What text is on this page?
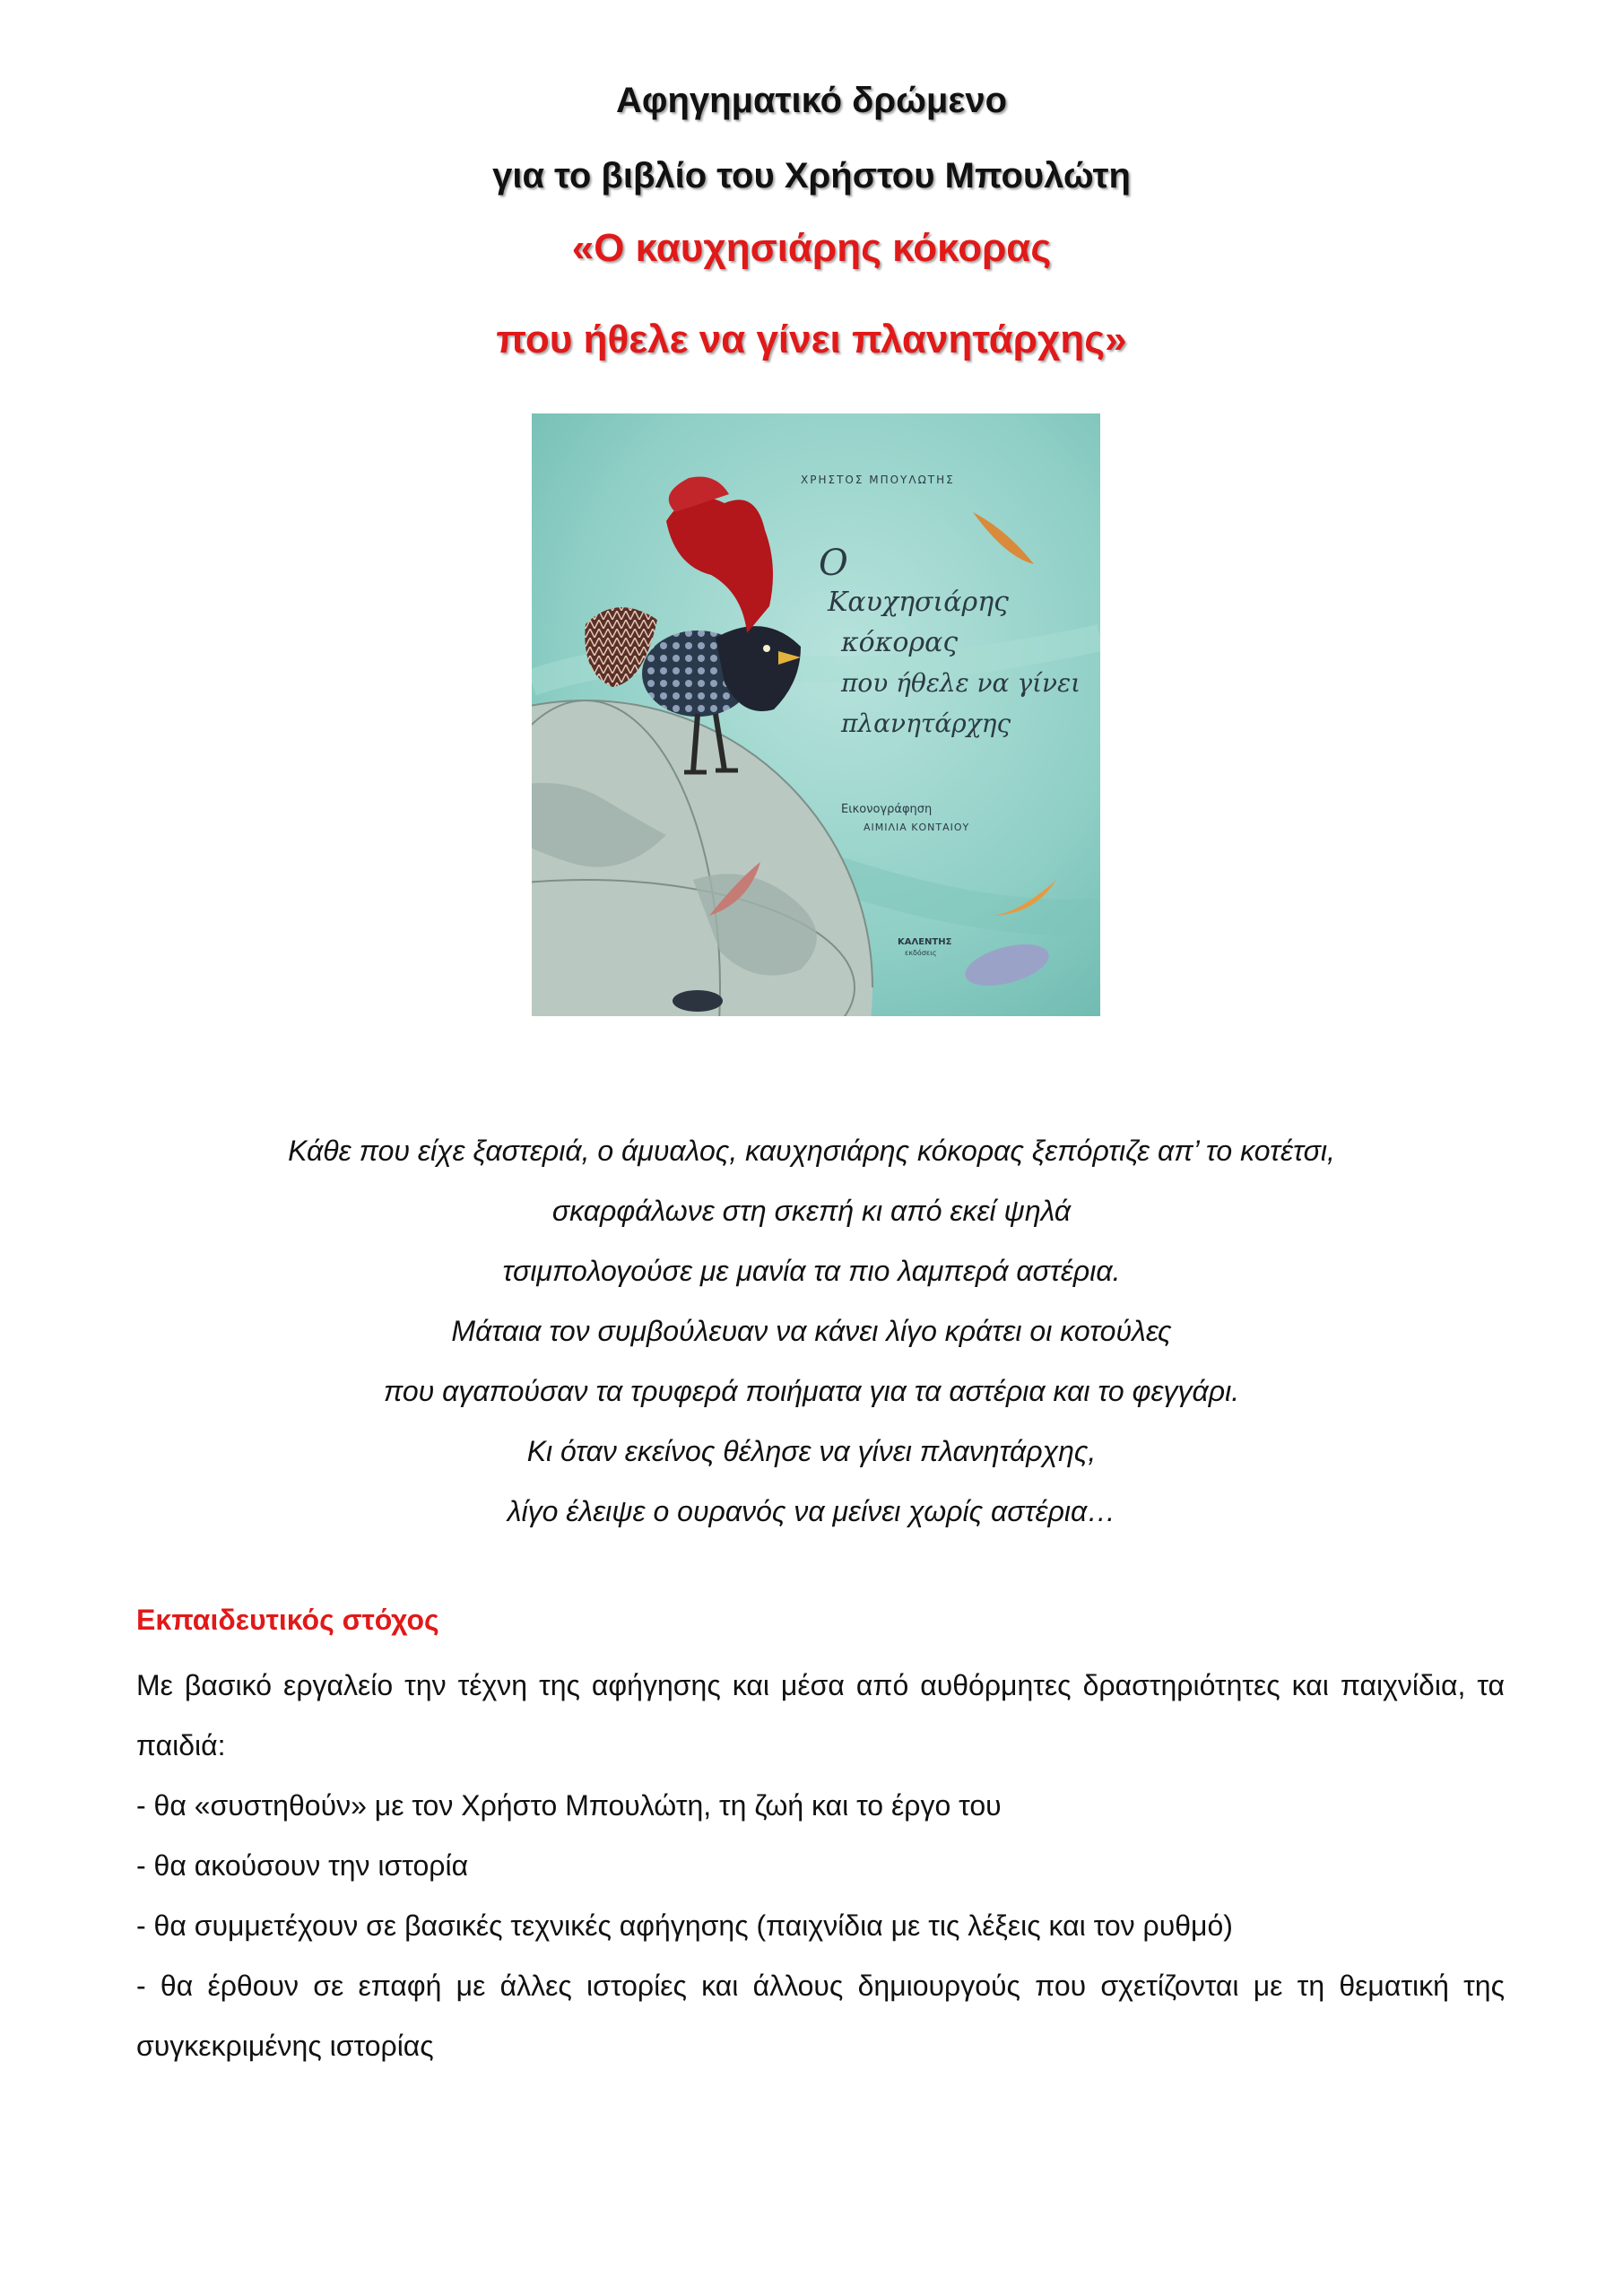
Αφηγηματικό δρώμενο
για το βιβλίο του Χρήστου Μπουλώτη
«Ο καυχησιάρης κόκορας
που ήθελε να γίνει πλανητάρχης»
ΧΡΗΣΤΟΣ ΜΠΟΥΛΩΤΗΣ
Ο
Καυχησιάρης
κόκορας
που ήθελε να γίνει
πλανητάρχης
Εικονογράφηση
ΑΙΜΙΛΙΑ ΚΟΝΤΑΙΟΥ
ΚΑΛΕΝΤΗΣ
εκδόσεις
Κάθε που είχε ξαστεριά, ο άμυαλος, καυχησιάρης κόκορας ξεπόρτιζε απ’ το κοτέτσι,
σκαρφάλωνε στη σκεπή κι από εκεί ψηλά
τσιμπολογούσε με μανία τα πιο λαμπερά αστέρια.
Μάταια τον συμβούλευαν να κάνει λίγο κράτει οι κοτούλες
που αγαπούσαν τα τρυφερά ποιήματα για τα αστέρια και το φεγγάρι.
Κι όταν εκείνος θέλησε να γίνει πλανητάρχης,
λίγο έλειψε ο ουρανός να μείνει χωρίς αστέρια…
Εκπαιδευτικός στόχος

Με βασικό εργαλείο την τέχνη της αφήγησης και μέσα από αυθόρμητες δραστηριότητες και παιχνίδια, τα παιδιά:

- θα «συστηθούν» με τον Χρήστο Μπουλώτη, τη ζωή και το έργο του

- θα ακούσουν την ιστορία

- θα συμμετέχουν σε βασικές τεχνικές αφήγησης (παιχνίδια με τις λέξεις και τον ρυθμό)

- θα έρθουν σε επαφή με άλλες ιστορίες και άλλους δημιουργούς που σχετίζονται με τη θεματική της συγκεκριμένης ιστορίας
